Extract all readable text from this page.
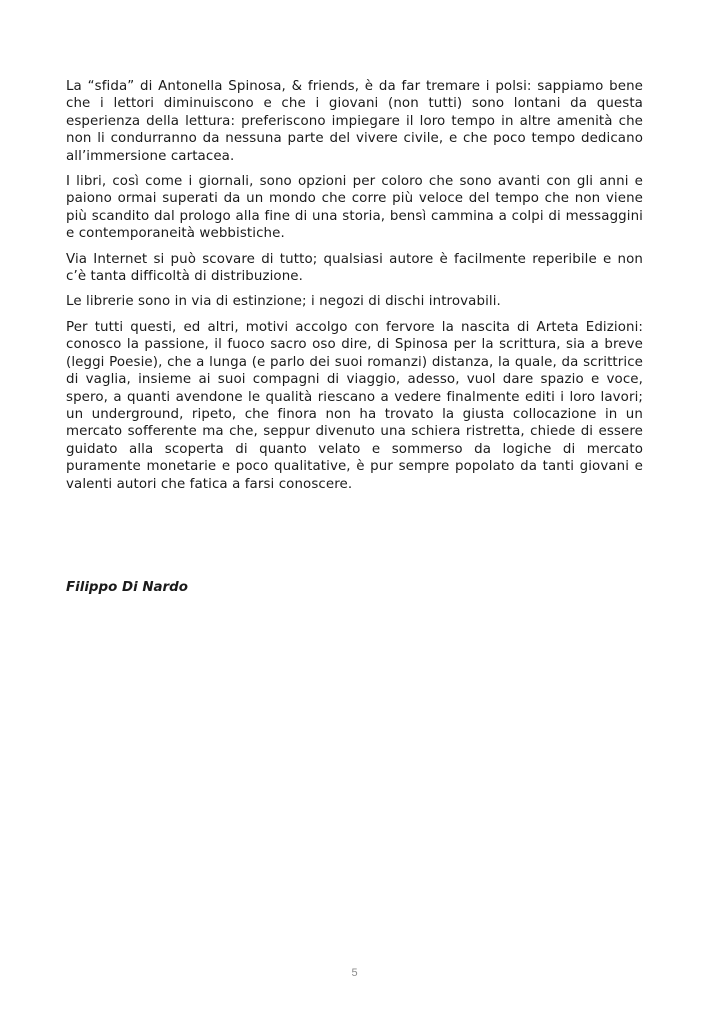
La “sfida” di Antonella Spinosa, & friends, è da far tremare i polsi: sappiamo bene che i lettori diminuiscono e che i giovani (non tutti) sono lontani da questa esperienza della lettura: preferiscono impiegare il loro tempo in altre amenità che non li condurranno da nessuna parte del vivere civile, e che poco tempo dedicano all’immersione cartacea.

I libri, così come i giornali, sono opzioni per coloro che sono avanti con gli anni e paiono ormai superati da un mondo che corre più veloce del tempo che non viene più scandito dal prologo alla fine di una storia, bensì cammina a colpi di messaggini e contemporaneità webbistiche.

Via Internet si può scovare di tutto; qualsiasi autore è facilmente reperibile e non c’è tanta difficoltà di distribuzione.

Le librerie sono in via di estinzione; i negozi di dischi introvabili.

Per tutti questi, ed altri, motivi accolgo con fervore la nascita di Arteta Edizioni: conosco la passione, il fuoco sacro oso dire, di Spinosa per la scrittura, sia a breve (leggi Poesie), che a lunga (e parlo dei suoi romanzi) distanza, la quale, da scrittrice di vaglia, insieme ai suoi compagni di viaggio, adesso, vuol dare spazio e voce, spero, a quanti avendone le qualità riescano a vedere finalmente editi i loro lavori; un underground, ripeto, che finora non ha trovato la giusta collocazione in un mercato sofferente ma che, seppur divenuto una schiera ristretta, chiede di essere guidato alla scoperta di quanto velato e sommerso da logiche di mercato puramente monetarie e poco qualitative, è pur sempre popolato da tanti giovani e valenti autori che fatica a farsi conoscere.

Filippo Di Nardo
5
